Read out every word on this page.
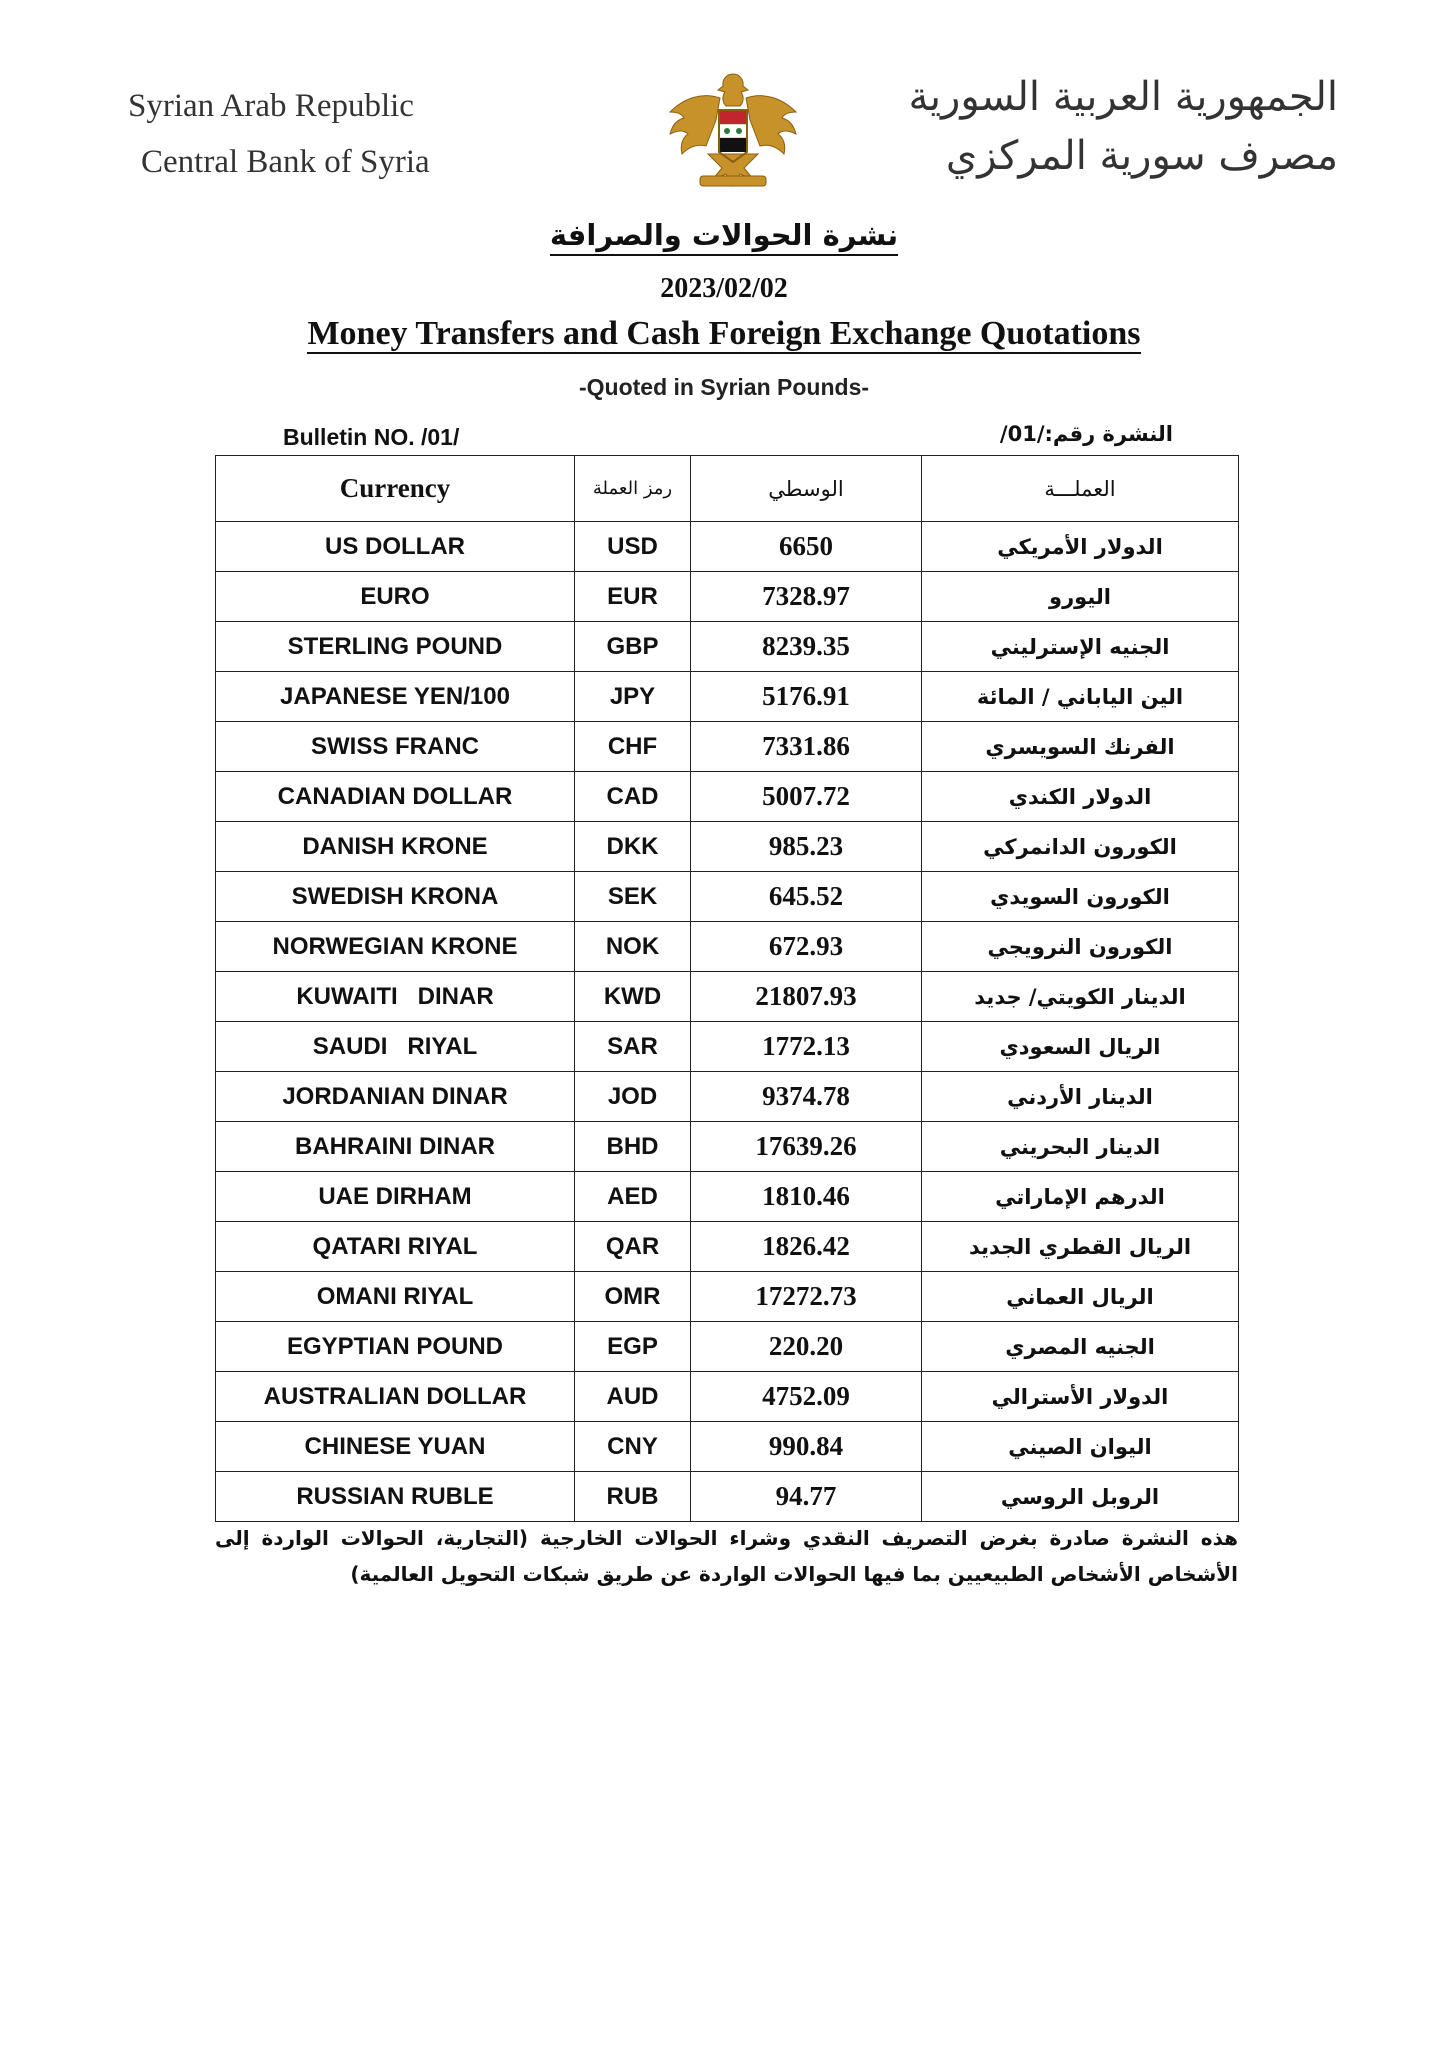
Syrian Arab Republic
Central Bank of Syria
الجمهورية العربية السورية
مصرف سورية المركزي
نشرة الحوالات والصرافة
2023/02/02
Money Transfers and Cash Foreign Exchange Quotations
-Quoted in Syrian Pounds-
Bulletin NO. /01/	النشرة رقم:/01/
Currency	رمز العملة	الوسطي	العملـــة
US DOLLAR	USD	6650	الدولار الأمريكي
EURO	EUR	7328.97	اليورو
STERLING POUND	GBP	8239.35	الجنيه الإسترليني
JAPANESE YEN/100	JPY	5176.91	الين الياباني / المائة
SWISS FRANC	CHF	7331.86	الفرنك السويسري
CANADIAN DOLLAR	CAD	5007.72	الدولار الكندي
DANISH KRONE	DKK	985.23	الكورون الدانمركي
SWEDISH KRONA	SEK	645.52	الكورون السويدي
NORWEGIAN KRONE	NOK	672.93	الكورون النرويجي
KUWAITI   DINAR	KWD	21807.93	الدينار الكويتي/ جديد
SAUDI   RIYAL	SAR	1772.13	الريال السعودي
JORDANIAN DINAR	JOD	9374.78	الدينار الأردني
BAHRAINI DINAR	BHD	17639.26	الدينار البحريني
UAE DIRHAM	AED	1810.46	الدرهم الإماراتي
QATARI RIYAL	QAR	1826.42	الريال القطري الجديد
OMANI RIYAL	OMR	17272.73	الريال العماني
EGYPTIAN POUND	EGP	220.20	الجنيه المصري
AUSTRALIAN DOLLAR	AUD	4752.09	الدولار الأسترالي
CHINESE YUAN	CNY	990.84	اليوان الصيني
RUSSIAN RUBLE	RUB	94.77	الروبل الروسي
هذه النشرة صادرة بغرض التصريف النقدي وشراء الحوالات الخارجية (التجارية، الحوالات الواردة إلى الأشخاص الأشخاص الطبيعيين بما فيها الحوالات الواردة عن طريق شبكات التحويل العالمية)
